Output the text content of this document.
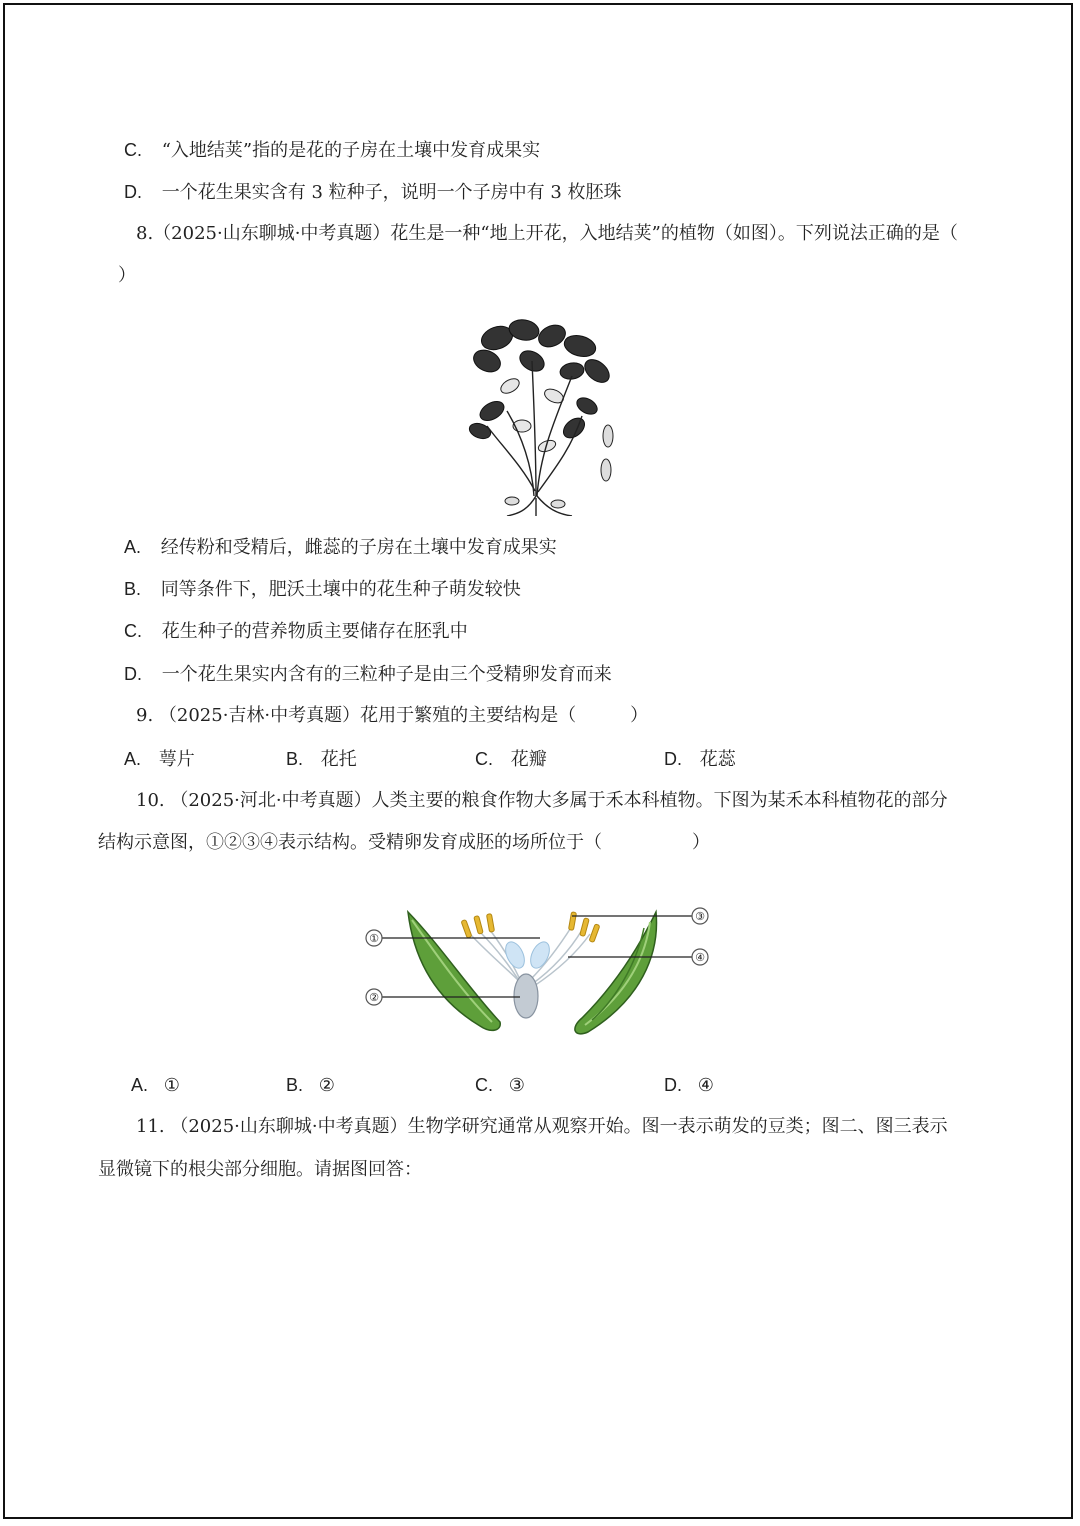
C. “入地结荚”指的是花的子房在土壤中发育成果实
D. 一个花生果实含有 3 粒种子，说明一个子房中有 3 枚胚珠
8.（2025·山东聊城·中考真题）花生是一种“地上开花，入地结荚”的植物（如图）。下列说法正确的是（
）
A. 经传粉和受精后，雌蕊的子房在土壤中发育成果实
B. 同等条件下，肥沃土壤中的花生种子萌发较快
C. 花生种子的营养物质主要储存在胚乳中
D. 一个花生果实内含有的三粒种子是由三个受精卵发育而来
9. （2025·吉林·中考真题）花用于繁殖的主要结构是（　　　）
A. 萼片	B. 花托	C. 花瓣	D. 花蕊
10. （2025·河北·中考真题）人类主要的粮食作物大多属于禾本科植物。下图为某禾本科植物花的部分
结构示意图，①②③④表示结构。受精卵发育成胚的场所位于（　　　　　）
①
②
③
④
A. ①	B. ②	C. ③	D. ④
11. （2025·山东聊城·中考真题）生物学研究通常从观察开始。图一表示萌发的豆类；图二、图三表示
显微镜下的根尖部分细胞。请据图回答：
